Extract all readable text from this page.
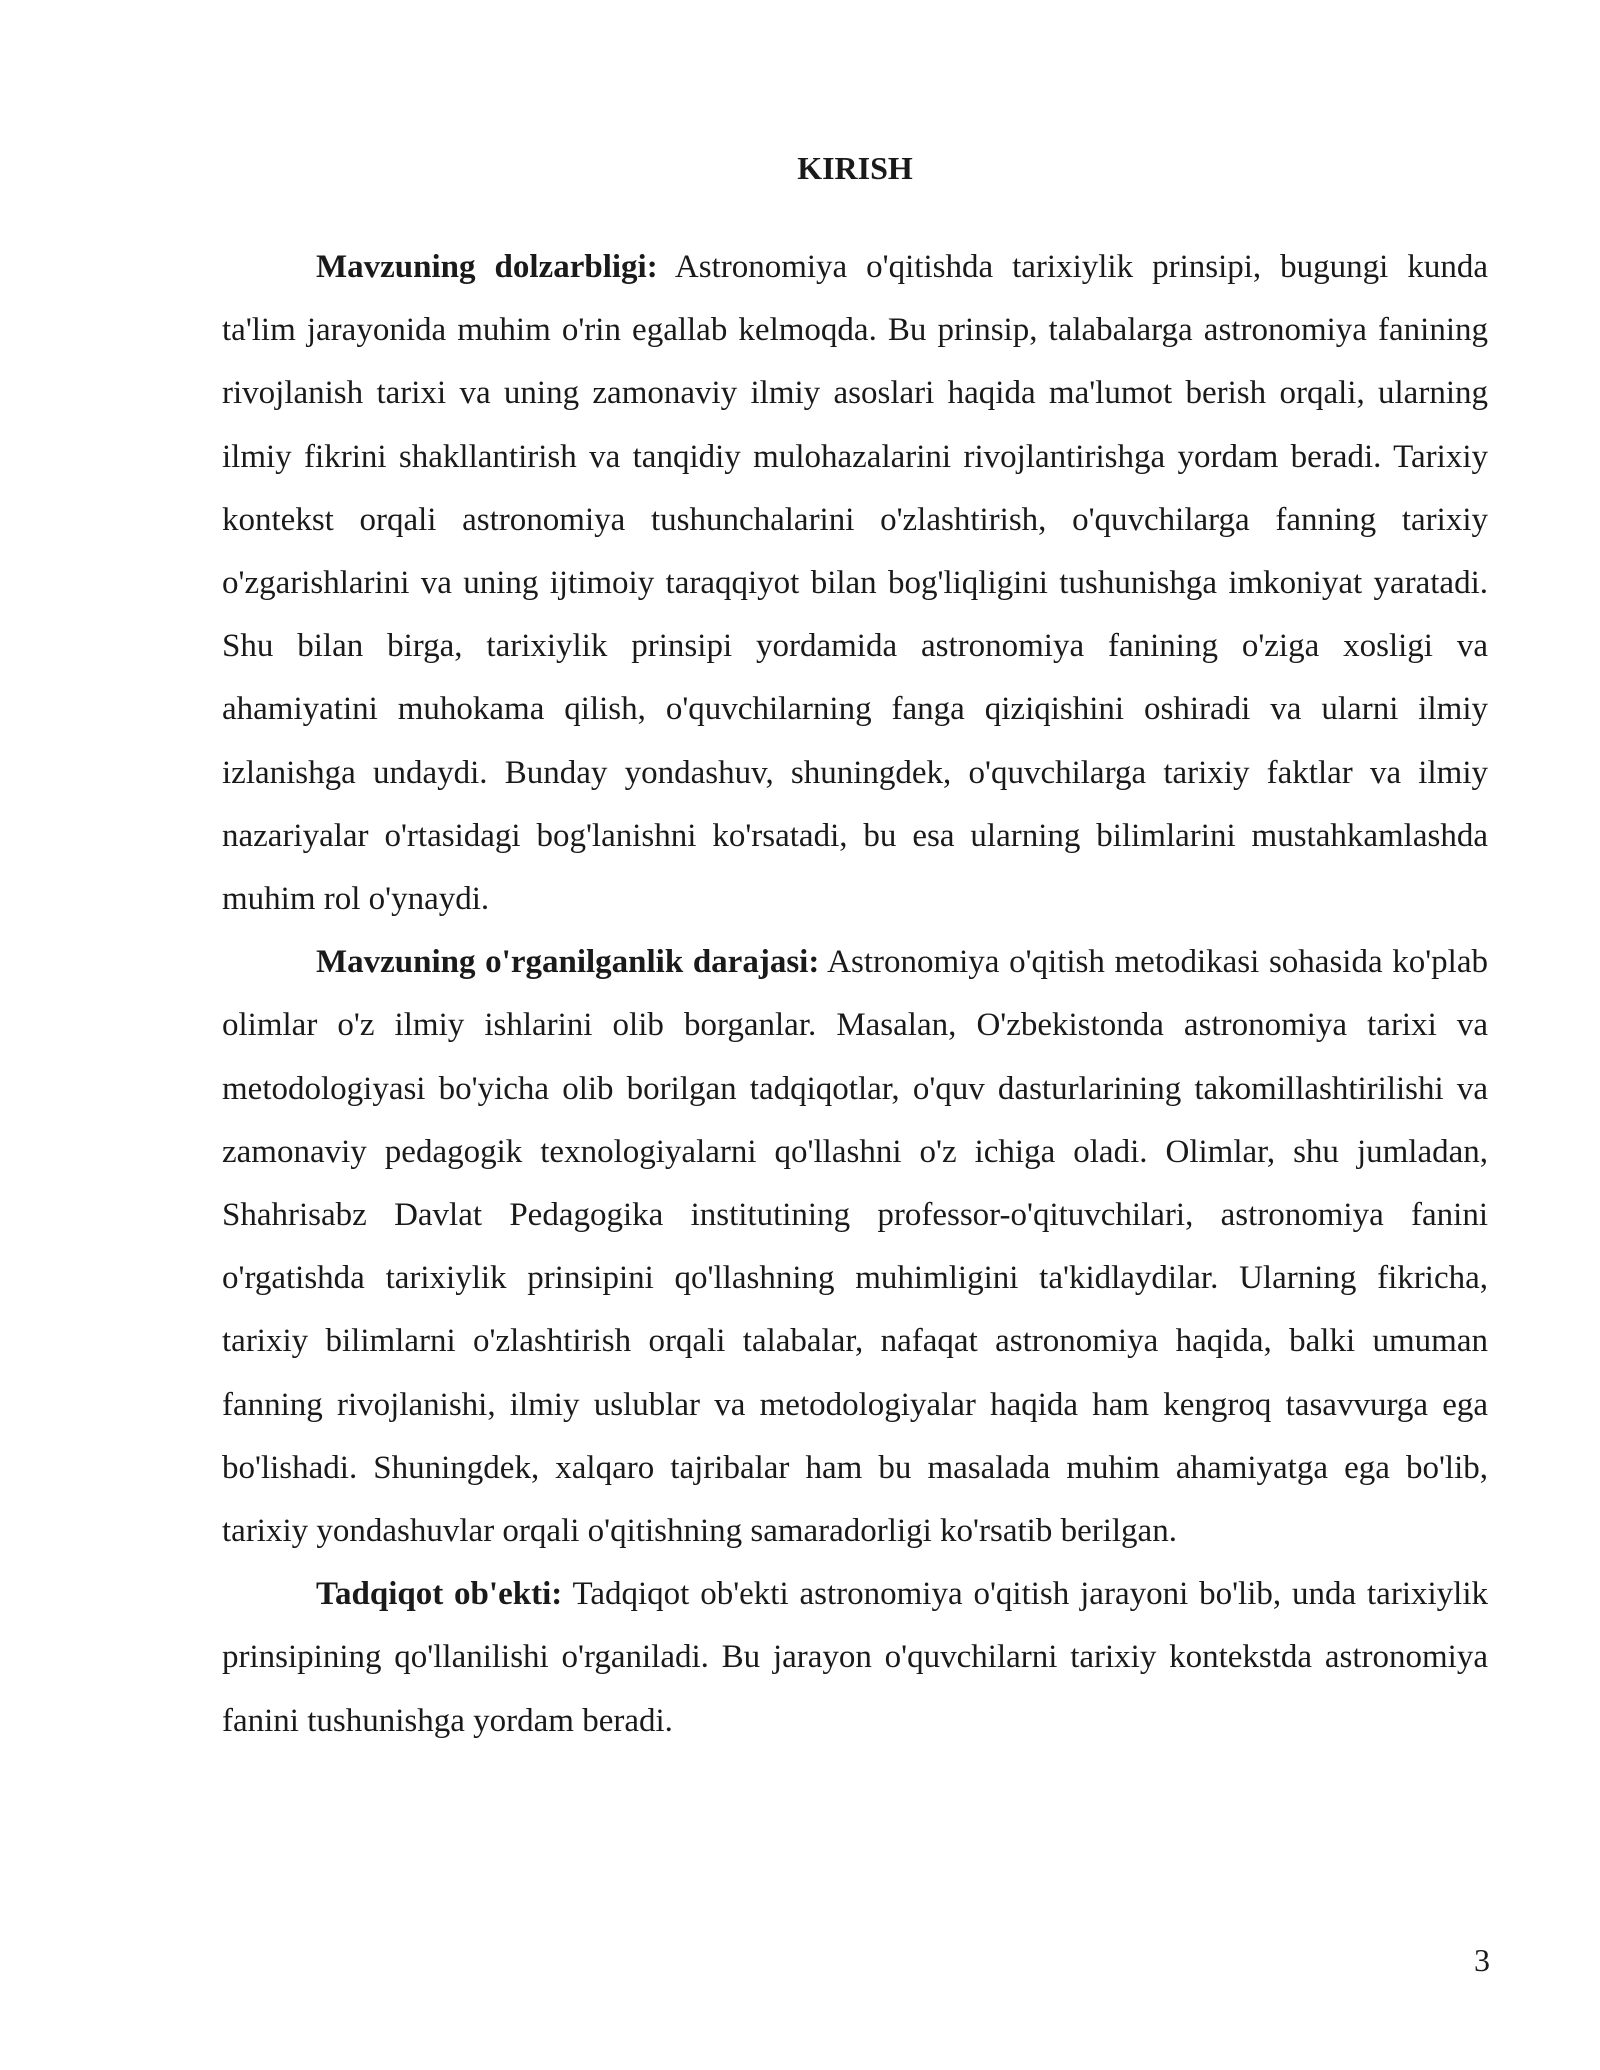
KIRISH

Mavzuning dolzarbligi: Astronomiya o'qitishda tarixiylik prinsipi, bugungi kunda ta'lim jarayonida muhim o'rin egallab kelmoqda. Bu prinsip, talabalarga astronomiya fanining rivojlanish tarixi va uning zamonaviy ilmiy asoslari haqida ma'lumot berish orqali, ularning ilmiy fikrini shakllantirish va tanqidiy mulohazalarini rivojlantirishga yordam beradi. Tarixiy kontekst orqali astronomiya tushunchalarini o'zlashtirish, o'quvchilarga fanning tarixiy o'zgarishlarini va uning ijtimoiy taraqqiyot bilan bog'liqligini tushunishga imkoniyat yaratadi. Shu bilan birga, tarixiylik prinsipi yordamida astronomiya fanining o'ziga xosligi va ahamiyatini muhokama qilish, o'quvchilarning fanga qiziqishini oshiradi va ularni ilmiy izlanishga undaydi. Bunday yondashuv, shuningdek, o'quvchilarga tarixiy faktlar va ilmiy nazariyalar o'rtasidagi bog'lanishni ko'rsatadi, bu esa ularning bilimlarini mustahkamlashda muhim rol o'ynaydi.

Mavzuning o'rganilganlik darajasi: Astronomiya o'qitish metodikasi sohasida ko'plab olimlar o'z ilmiy ishlarini olib borganlar. Masalan, O'zbekistonda astronomiya tarixi va metodologiyasi bo'yicha olib borilgan tadqiqotlar, o'quv dasturlarining takomillashtirilishi va zamonaviy pedagogik texnologiyalarni qo'llashni o'z ichiga oladi. Olimlar, shu jumladan, Shahrisabz Davlat Pedagogika institutining professor-o'qituvchilari, astronomiya fanini o'rgatishda tarixiylik prinsipini qo'llashning muhimligini ta'kidlaydilar. Ularning fikricha, tarixiy bilimlarni o'zlashtirish orqali talabalar, nafaqat astronomiya haqida, balki umuman fanning rivojlanishi, ilmiy uslublar va metodologiyalar haqida ham kengroq tasavvurga ega bo'lishadi. Shuningdek, xalqaro tajribalar ham bu masalada muhim ahamiyatga ega bo'lib, tarixiy yondashuvlar orqali o'qitishning samaradorligi ko'rsatib berilgan.

Tadqiqot ob'ekti: Tadqiqot ob'ekti astronomiya o'qitish jarayoni bo'lib, unda tarixiylik prinsipining qo'llanilishi o'rganiladi. Bu jarayon o'quvchilarni tarixiy kontekstda astronomiya fanini tushunishga yordam beradi.

3
